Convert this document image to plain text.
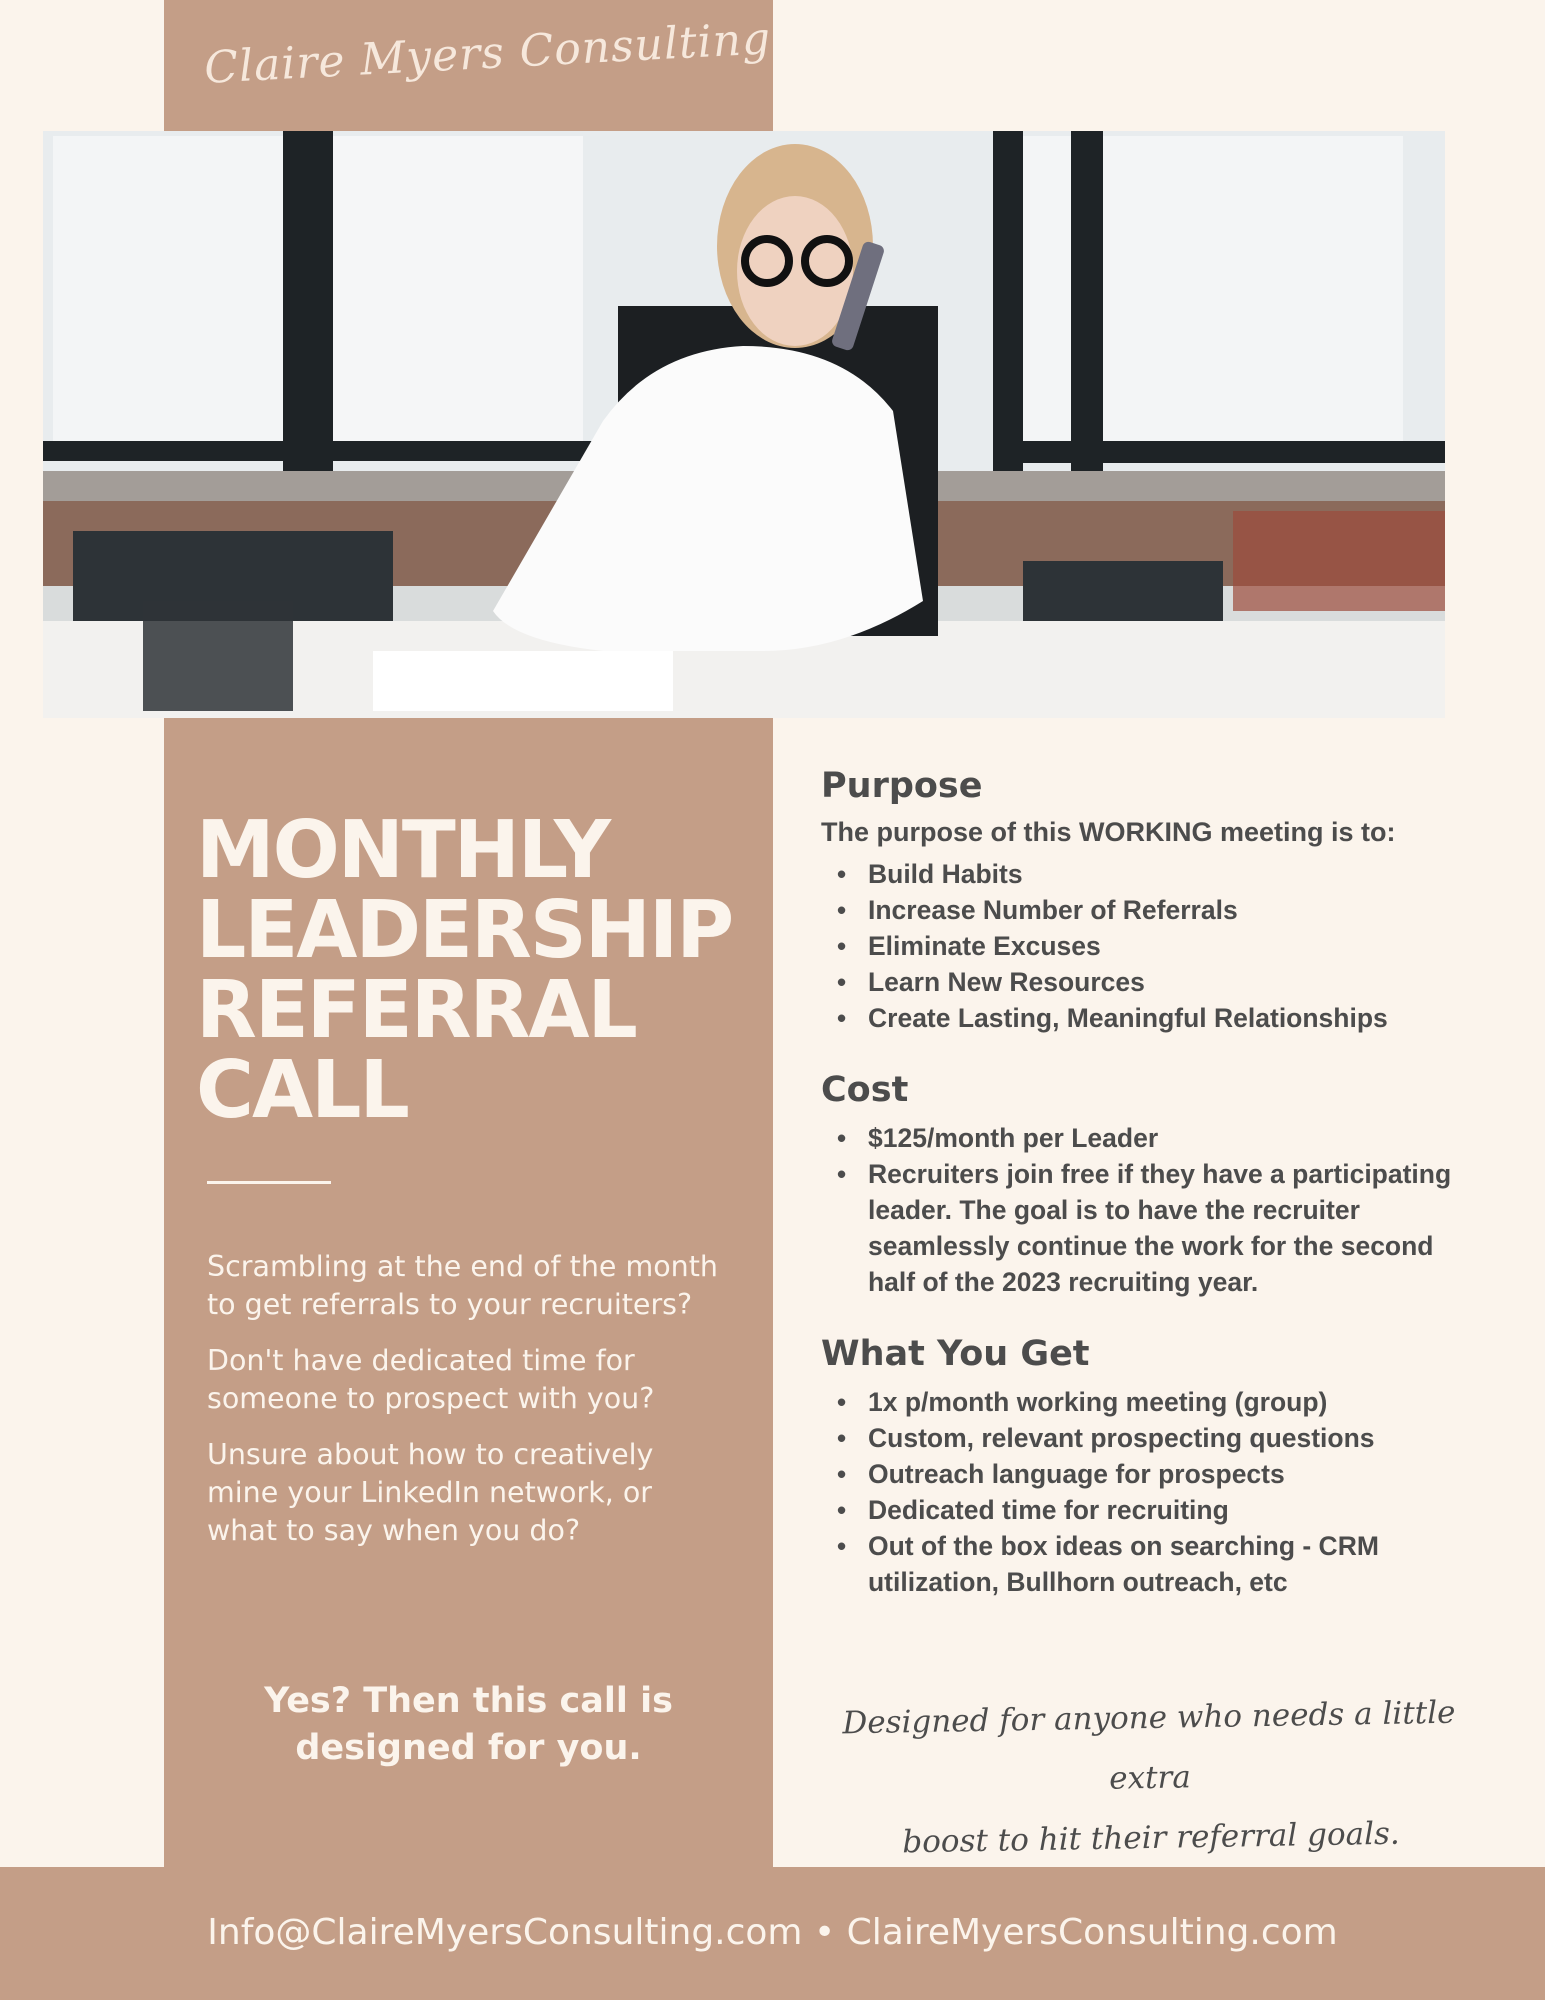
Claire Myers Consulting
MONTHLY
LEADERSHIP
REFERRAL
CALL

Scrambling at the end of the month to get referrals to your recruiters?

Don't have dedicated time for someone to prospect with you?

Unsure about how to creatively mine your LinkedIn network, or what to say when you do?

Yes? Then this call is
designed for you.
Purpose

The purpose of this WORKING meeting is to:

• Build Habits
• Increase Number of Referrals
• Eliminate Excuses
• Learn New Resources
• Create Lasting, Meaningful Relationships
Cost
• $125/month per Leader
• Recruiters join free if they have a participating leader. The goal is to have the recruiter seamlessly continue the work for the second half of the 2023 recruiting year.
What You Get
• 1x p/month working meeting (group)
• Custom, relevant prospecting questions
• Outreach language for prospects
• Dedicated time for recruiting
• Out of the box ideas on searching - CRM utilization, Bullhorn outreach, etc
Designed for anyone who needs a little extra
boost to hit their referral goals.
Info@ClaireMyersConsulting.com • ClaireMyersConsulting.com
